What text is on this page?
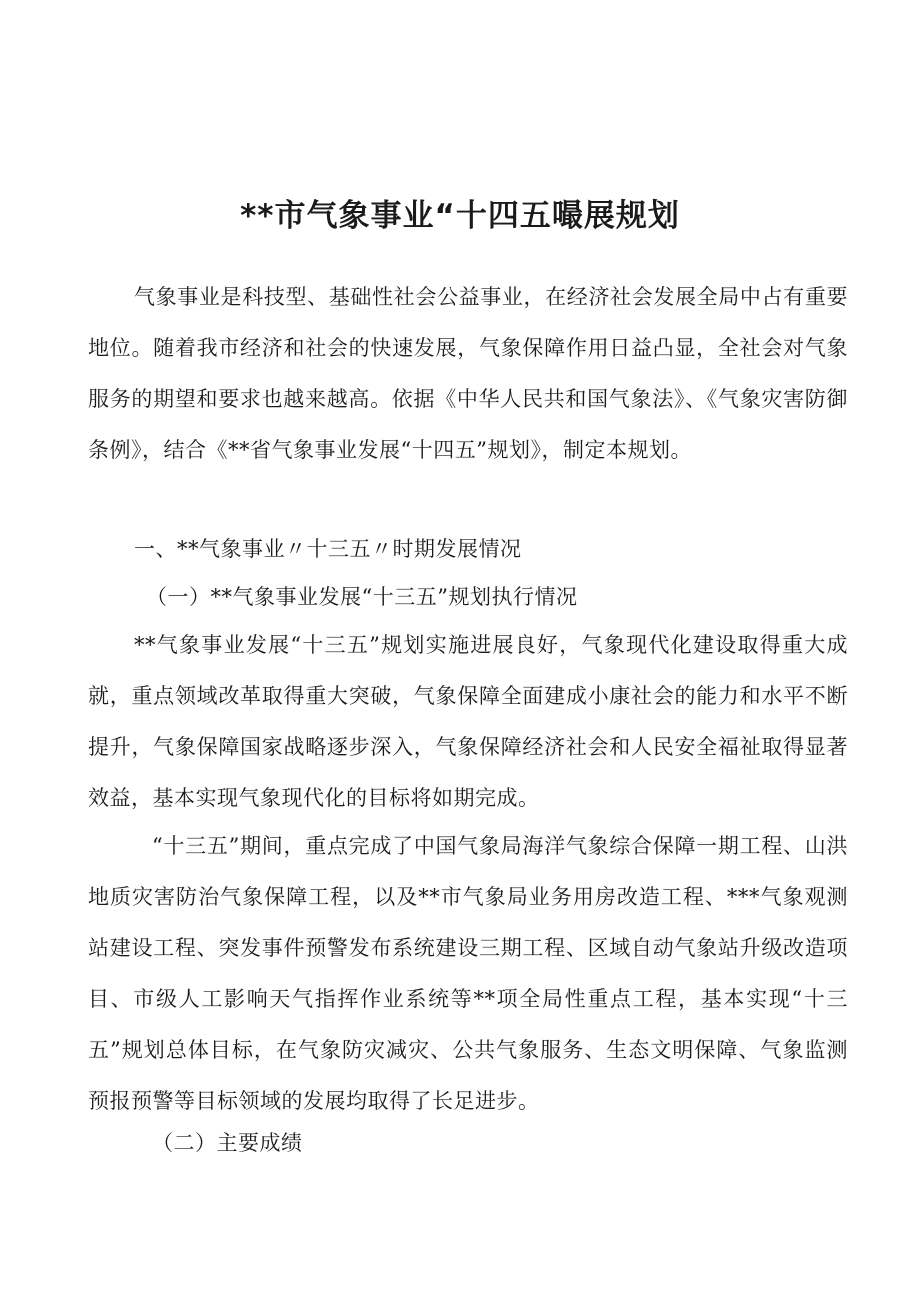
**市气象事业“十四五嘬展规划

气象事业是科技型、基础性社会公益事业，在经济社会发展全局中占有重要地位。随着我市经济和社会的快速发展，气象保障作用日益凸显，全社会对气象服务的期望和要求也越来越高。依据《中华人民共和国气象法》、《气象灾害防御条例》，结合《**省气象事业发展“十四五”规划》，制定本规划。

一、**气象事业〃十三五〃时期发展情况

（一）**气象事业发展“十三五”规划执行情况

**气象事业发展“十三五”规划实施进展良好，气象现代化建设取得重大成就，重点领域改革取得重大突破，气象保障全面建成小康社会的能力和水平不断提升，气象保障国家战略逐步深入，气象保障经济社会和人民安全福祉取得显著效益，基本实现气象现代化的目标将如期完成。

“十三五”期间，重点完成了中国气象局海洋气象综合保障一期工程、山洪地质灾害防治气象保障工程，以及**市气象局业务用房改造工程、***气象观测站建设工程、突发事件预警发布系统建设三期工程、区域自动气象站升级改造项目、市级人工影响天气指挥作业系统等**项全局性重点工程，基本实现“十三五”规划总体目标，在气象防灾减灾、公共气象服务、生态文明保障、气象监测预报预警等目标领域的发展均取得了长足进步。

（二）主要成绩
